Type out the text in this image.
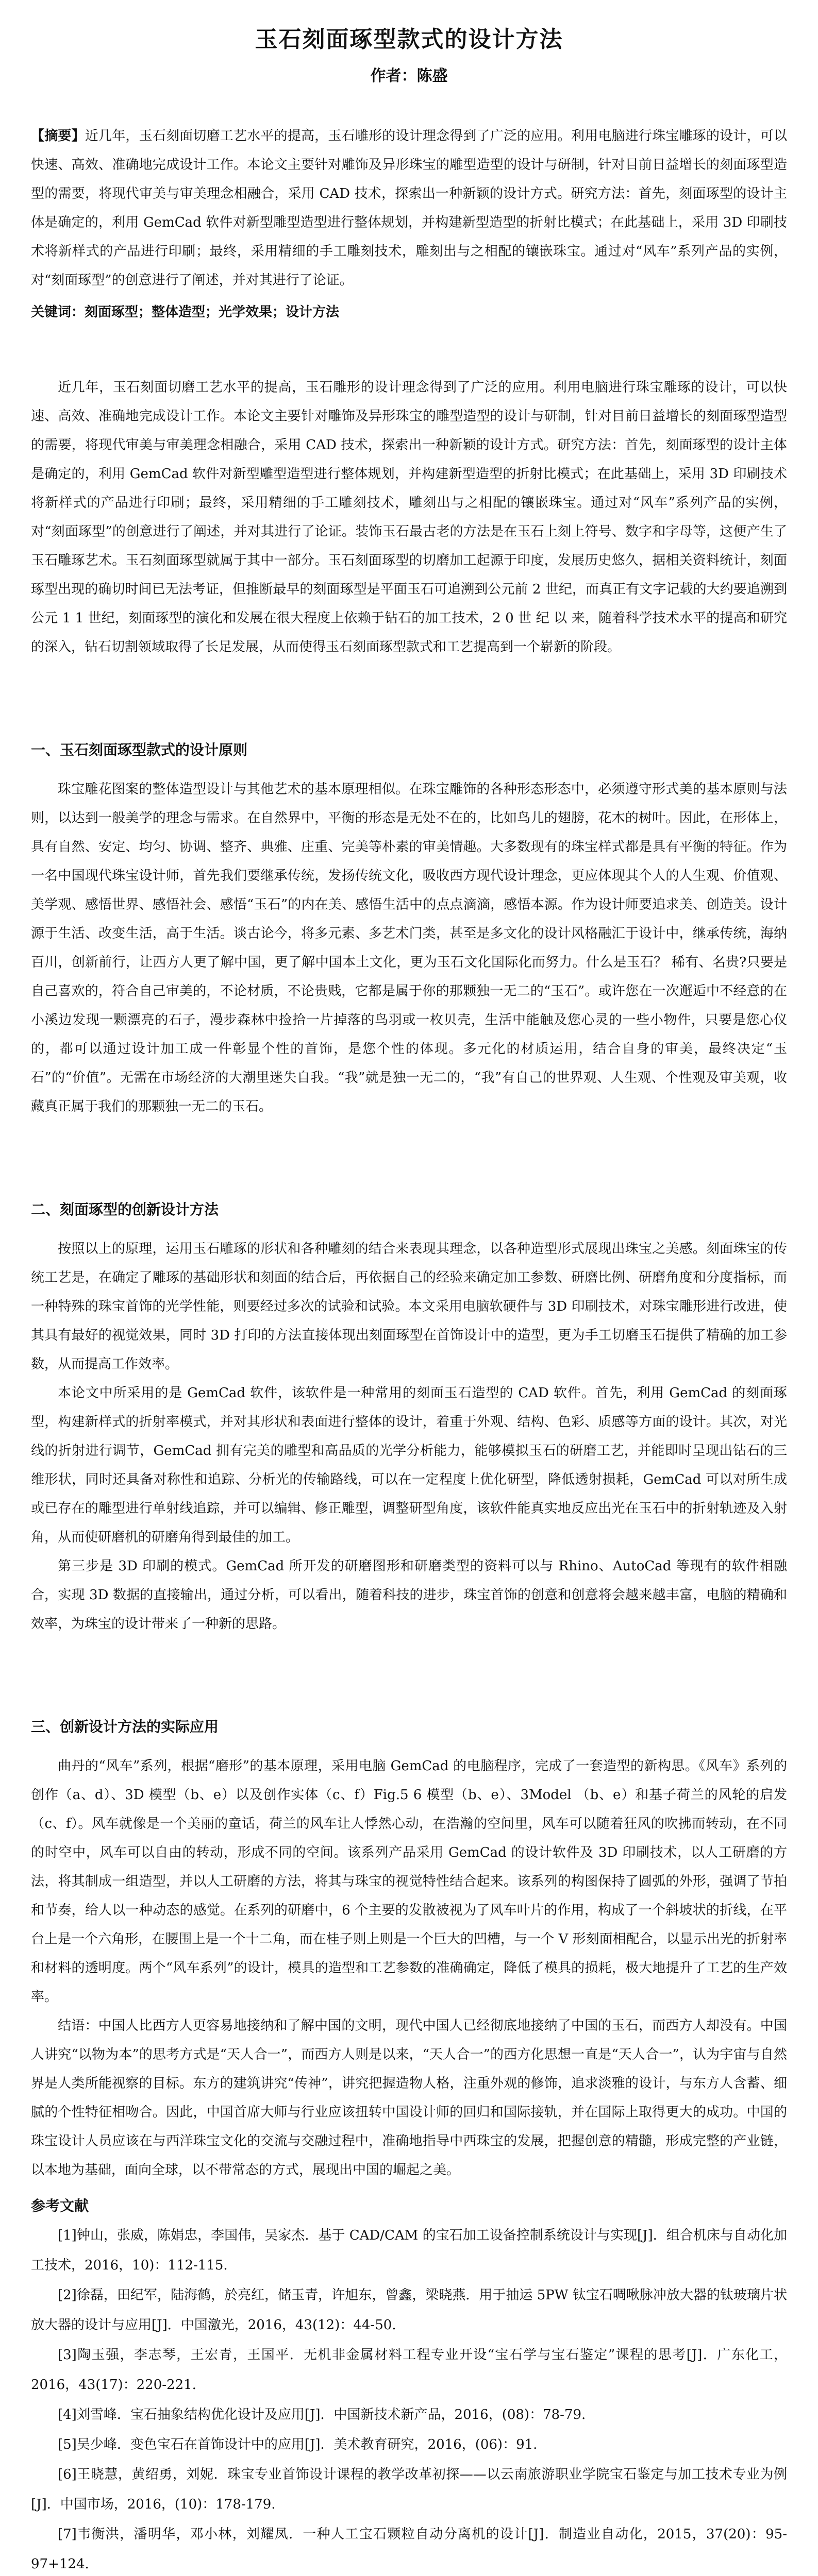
玉石刻面琢型款式的设计方法
作者：陈盛
【摘要】近几年，玉石刻面切磨工艺水平的提高，玉石雕形的设计理念得到了广泛的应用。利用电脑进行珠宝雕琢的设计，可以快速、高效、准确地完成设计工作。本论文主要针对雕饰及异形珠宝的雕型造型的设计与研制，针对目前日益增长的刻面琢型造型的需要，将现代审美与审美理念相融合，采用 CAD 技术，探索出一种新颖的设计方式。研究方法：首先，刻面琢型的设计主体是确定的，利用 GemCad 软件对新型雕型造型进行整体规划，并构建新型造型的折射比模式；在此基础上，采用 3D 印刷技术将新样式的产品进行印刷；最终，采用精细的手工雕刻技术，雕刻出与之相配的镶嵌珠宝。通过对“风车”系列产品的实例，对“刻面琢型”的创意进行了阐述，并对其进行了论证。
关键词：刻面琢型；整体造型；光学效果；设计方法

近几年，玉石刻面切磨工艺水平的提高，玉石雕形的设计理念得到了广泛的应用。利用电脑进行珠宝雕琢的设计，可以快速、高效、准确地完成设计工作。本论文主要针对雕饰及异形珠宝的雕型造型的设计与研制，针对目前日益增长的刻面琢型造型的需要，将现代审美与审美理念相融合，采用 CAD 技术，探索出一种新颖的设计方式。研究方法：首先，刻面琢型的设计主体是确定的，利用 GemCad 软件对新型雕型造型进行整体规划，并构建新型造型的折射比模式；在此基础上，采用 3D 印刷技术将新样式的产品进行印刷；最终，采用精细的手工雕刻技术，雕刻出与之相配的镶嵌珠宝。通过对“风车”系列产品的实例，对“刻面琢型”的创意进行了阐述，并对其进行了论证。装饰玉石最古老的方法是在玉石上刻上符号、数字和字母等，这便产生了玉石雕琢艺术。玉石刻面琢型就属于其中一部分。玉石刻面琢型的切磨加工起源于印度，发展历史悠久，据相关资料统计，刻面琢型出现的确切时间已无法考证，但推断最早的刻面琢型是平面玉石可追溯到公元前 2 世纪，而真正有文字记载的大约要追溯到公元 1 1 世纪，刻面琢型的演化和发展在很大程度上依赖于钻石的加工技术，2 0 世 纪 以 来，随着科学技术水平的提高和研究的深入，钻石切割领域取得了长足发展，从而使得玉石刻面琢型款式和工艺提高到一个崭新的阶段。

一、玉石刻面琢型款式的设计原则

珠宝雕花图案的整体造型设计与其他艺术的基本原理相似。在珠宝雕饰的各种形态形态中，必须遵守形式美的基本原则与法则，以达到一般美学的理念与需求。在自然界中，平衡的形态是无处不在的，比如鸟儿的翅膀，花木的树叶。因此，在形体上，具有自然、安定、均匀、协调、整齐、典雅、庄重、完美等朴素的审美情趣。大多数现有的珠宝样式都是具有平衡的特征。作为一名中国现代珠宝设计师，首先我们要继承传统，发扬传统文化，吸收西方现代设计理念，更应体现其个人的人生观、价值观、美学观、感悟世界、感悟社会、感悟“玉石”的内在美、感悟生活中的点点滴滴，感悟本源。作为设计师要追求美、创造美。设计源于生活、改变生活，高于生活。谈古论今，将多元素、多艺术门类，甚至是多文化的设计风格融汇于设计中，继承传统，海纳百川，创新前行，让西方人更了解中国，更了解中国本土文化，更为玉石文化国际化而努力。什么是玉石？ 稀有、名贵?只要是自己喜欢的，符合自己审美的，不论材质，不论贵贱，它都是属于你的那颗独一无二的“玉石”。或许您在一次邂逅中不经意的在小溪边发现一颗漂亮的石子，漫步森林中捡拾一片掉落的鸟羽或一枚贝壳，生活中能触及您心灵的一些小物件，只要是您心仪的，都可以通过设计加工成一件彰显个性的首饰，是您个性的体现。多元化的材质运用，结合自身的审美，最终决定“玉石”的“价值”。无需在市场经济的大潮里迷失自我。“我”就是独一无二的，“我”有自己的世界观、人生观、个性观及审美观，收藏真正属于我们的那颗独一无二的玉石。

二、刻面琢型的创新设计方法

按照以上的原理，运用玉石雕琢的形状和各种雕刻的结合来表现其理念，以各种造型形式展现出珠宝之美感。刻面珠宝的传统工艺是，在确定了雕琢的基础形状和刻面的结合后，再依据自己的经验来确定加工参数、研磨比例、研磨角度和分度指标，而一种特殊的珠宝首饰的光学性能，则要经过多次的试验和试验。本文采用电脑软硬件与 3D 印刷技术，对珠宝雕形进行改进，使其具有最好的视觉效果，同时 3D 打印的方法直接体现出刻面琢型在首饰设计中的造型，更为手工切磨玉石提供了精确的加工参数，从而提高工作效率。

本论文中所采用的是 GemCad 软件，该软件是一种常用的刻面玉石造型的 CAD 软件。首先，利用 GemCad 的刻面琢型，构建新样式的折射率模式，并对其形状和表面进行整体的设计，着重于外观、结构、色彩、质感等方面的设计。其次，对光线的折射进行调节，GemCad 拥有完美的雕型和高品质的光学分析能力，能够模拟玉石的研磨工艺，并能即时呈现出钻石的三维形状，同时还具备对称性和追踪、分析光的传输路线，可以在一定程度上优化研型，降低透射损耗，GemCad 可以对所生成或已存在的雕型进行单射线追踪，并可以编辑、修正雕型，调整研型角度，该软件能真实地反应出光在玉石中的折射轨迹及入射角，从而使研磨机的研磨角得到最佳的加工。

第三步是 3D 印刷的模式。GemCad 所开发的研磨图形和研磨类型的资料可以与 Rhino、AutoCad 等现有的软件相融合，实现 3D 数据的直接输出，通过分析，可以看出，随着科技的进步，珠宝首饰的创意和创意将会越来越丰富，电脑的精确和效率，为珠宝的设计带来了一种新的思路。

三、创新设计方法的实际应用

曲丹的“风车”系列，根据“磨形”的基本原理，采用电脑 GemCad 的电脑程序，完成了一套造型的新构思。《风车》系列的创作（a、d）、3D 模型（b、e）以及创作实体（c、f）Fig.5 6 模型（b、e）、3Model （b、e）和基子荷兰的风轮的启发（c、f）。风车就像是一个美丽的童话，荷兰的风车让人悸然心动，在浩瀚的空间里，风车可以随着狂风的吹拂而转动，在不同的时空中，风车可以自由的转动，形成不同的空间。该系列产品采用 GemCad 的设计软件及 3D 印刷技术，以人工研磨的方法，将其制成一组造型，并以人工研磨的方法，将其与珠宝的视觉特性结合起来。该系列的构图保持了圆弧的外形，强调了节拍和节奏，给人以一种动态的感觉。在系列的研磨中，6 个主要的发散被视为了风车叶片的作用，构成了一个斜坡状的折线，在平台上是一个六角形，在腰围上是一个十二角，而在桂子则上则是一个巨大的凹槽，与一个 V 形刻面相配合，以显示出光的折射率和材料的透明度。两个“风车系列”的设计，模具的造型和工艺参数的准确确定，降低了模具的损耗，极大地提升了工艺的生产效率。

结语：中国人比西方人更容易地接纳和了解中国的文明，现代中国人已经彻底地接纳了中国的玉石，而西方人却没有。中国人讲究“以物为本”的思考方式是“天人合一”，而西方人则是以来，“天人合一”的西方化思想一直是“天人合一”，认为宇宙与自然界是人类所能视察的目标。东方的建筑讲究“传神”，讲究把握造物人格，注重外观的修饰，追求淡雅的设计，与东方人含蓄、细腻的个性特征相吻合。因此，中国首席大师与行业应该扭转中国设计师的回归和国际接轨，并在国际上取得更大的成功。中国的珠宝设计人员应该在与西洋珠宝文化的交流与交融过程中，准确地指导中西珠宝的发展，把握创意的精髓，形成完整的产业链，以本地为基础，面向全球，以不带常态的方式，展现出中国的崛起之美。

参考文献

[1]钟山，张威，陈娟忠，李国伟，吴家杰．基于 CAD/CAM 的宝石加工设备控制系统设计与实现[J]．组合机床与自动化加工技术，2016，10)：112-115.

[2]徐磊，田纪军，陆海鹤，於亮红，储玉青，许旭东，曾鑫，梁晓燕．用于抽运 5PW 钛宝石啁啾脉冲放大器的钛玻璃片状放大器的设计与应用[J]．中国激光，2016，43(12)：44-50.

[3]陶玉强，李志琴，王宏青，王国平．无机非金属材料工程专业开设“宝石学与宝石鉴定”课程的思考[J]．广东化工，2016，43(17)：220-221.

[4]刘雪峰．宝石抽象结构优化设计及应用[J]．中国新技术新产品，2016，(08)：78-79.

[5]吴少峰．变色宝石在首饰设计中的应用[J]．美术教育研究，2016，(06)：91.

[6]王晓慧，黄绍勇，刘妮．珠宝专业首饰设计课程的教学改革初探——以云南旅游职业学院宝石鉴定与加工技术专业为例[J]．中国市场，2016，(10)：178-179.

[7]韦衡洪，潘明华，邓小林，刘耀凤．一种人工宝石颗粒自动分离机的设计[J]．制造业自动化，2015，37(20)：95-97+124.
